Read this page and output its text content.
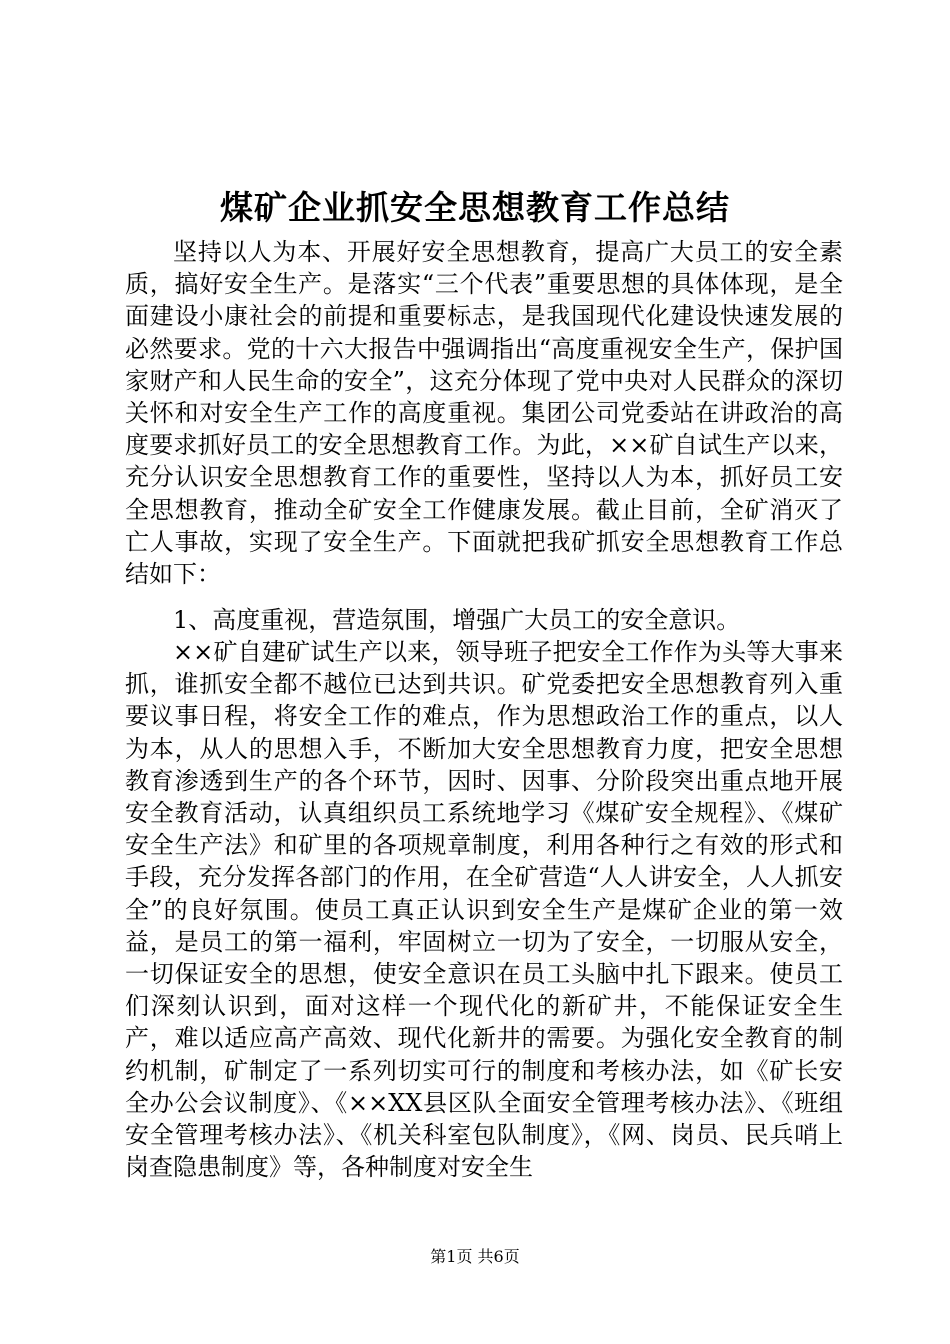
煤矿企业抓安全思想教育工作总结

坚持以人为本、开展好安全思想教育，提高广大员工的安全素质，搞好安全生产。是落实“三个代表”重要思想的具体体现，是全面建设小康社会的前提和重要标志，是我国现代化建设快速发展的必然要求。党的十六大报告中强调指出“高度重视安全生产，保护国家财产和人民生命的安全”，这充分体现了党中央对人民群众的深切关怀和对安全生产工作的高度重视。集团公司党委站在讲政治的高度要求抓好员工的安全思想教育工作。为此，××矿自试生产以来，充分认识安全思想教育工作的重要性，坚持以人为本，抓好员工安全思想教育，推动全矿安全工作健康发展。截止目前，全矿消灭了亡人事故，实现了安全生产。下面就把我矿抓安全思想教育工作总结如下：

1、高度重视，营造氛围，增强广大员工的安全意识。

××矿自建矿试生产以来，领导班子把安全工作作为头等大事来抓，谁抓安全都不越位已达到共识。矿党委把安全思想教育列入重要议事日程，将安全工作的难点，作为思想政治工作的重点，以人为本，从人的思想入手，不断加大安全思想教育力度，把安全思想教育渗透到生产的各个环节，因时、因事、分阶段突出重点地开展安全教育活动，认真组织员工系统地学习《煤矿安全规程》、《煤矿安全生产法》和矿里的各项规章制度，利用各种行之有效的形式和手段，充分发挥各部门的作用，在全矿营造“人人讲安全，人人抓安全”的良好氛围。使员工真正认识到安全生产是煤矿企业的第一效益，是员工的第一福利，牢固树立一切为了安全，一切服从安全，一切保证安全的思想，使安全意识在员工头脑中扎下跟来。使员工们深刻认识到，面对这样一个现代化的新矿井，不能保证安全生产，难以适应高产高效、现代化新井的需要。为强化安全教育的制约机制，矿制定了一系列切实可行的制度和考核办法，如《矿长安全办公会议制度》、《××XX县区队全面安全管理考核办法》、《班组安全管理考核办法》、《机关科室包队制度》，《网、岗员、民兵哨上岗查隐患制度》等，各种制度对安全生

第1页 共6页
